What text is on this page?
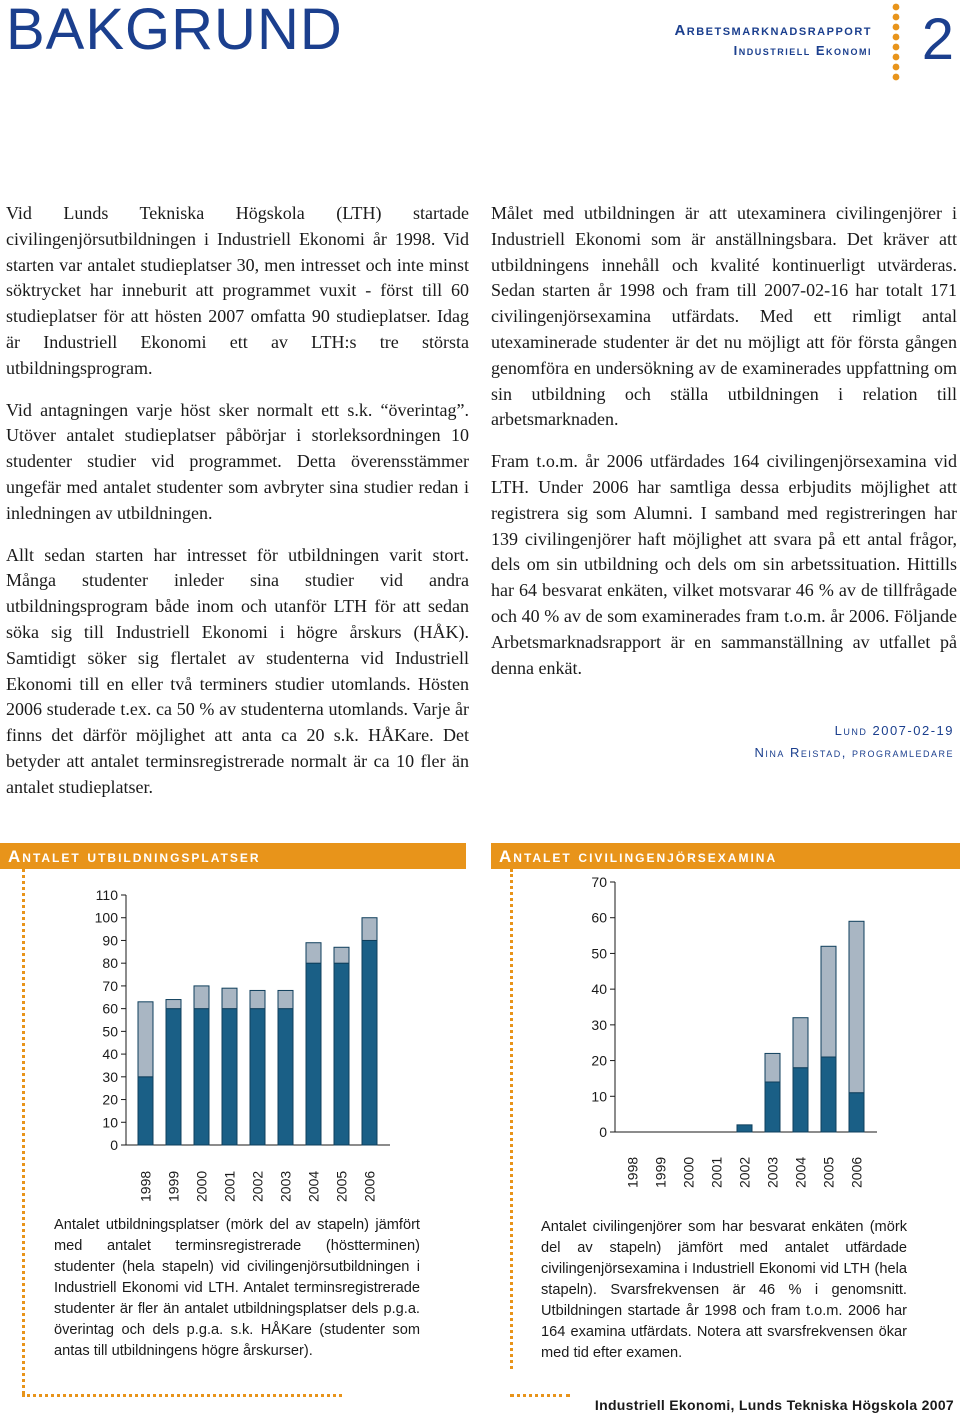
BAKGRUND	Arbetsmarknadsrapport
Industriell Ekonomi 2

Vid Lunds Tekniska Högskola (LTH) startade civilingenjörsutbildningen i Industriell Ekonomi år 1998. Vid starten var antalet studieplatser 30, men intresset och inte minst söktrycket har inneburit att programmet vuxit - först till 60 studieplatser för att hösten 2007 omfatta 90 studieplatser. Idag är Industriell Ekonomi ett av LTH:s tre största utbildningsprogram.

Vid antagningen varje höst sker normalt ett s.k. “överintag”. Utöver antalet studieplatser påbörjar i storleksordningen 10 studenter studier vid programmet. Detta överensstämmer ungefär med antalet studenter som avbryter sina studier redan i inledningen av utbildningen.

Allt sedan starten har intresset för utbildningen varit stort. Många studenter inleder sina studier vid andra utbildningsprogram både inom och utanför LTH för att sedan söka sig till Industriell Ekonomi i högre årskurs (HÅK). Samtidigt söker sig flertalet av studenterna vid Industriell Ekonomi till en eller två terminers studier utomlands. Hösten 2006 studerade t.ex. ca 50 % av studenterna utomlands. Varje år finns det därför möjlighet att anta ca 20 s.k. HÅKare. Det betyder att antalet terminsregistrerade normalt är ca 10 fler än antalet studieplatser.

Målet med utbildningen är att utexaminera civilingenjörer i Industriell Ekonomi som är anställningsbara. Det kräver att utbildningens innehåll och kvalité kontinuerligt utvärderas. Sedan starten år 1998 och fram till 2007-02-16 har totalt 171 civilingenjörsexamina utfärdats. Med ett rimligt antal utexaminerade studenter är det nu möjligt att för första gången genomföra en undersökning av de examinerades uppfattning om sin utbildning och ställa utbildningen i relation till arbetsmarknaden.

Fram t.o.m. år 2006 utfärdades 164 civilingenjörsexamina vid LTH. Under 2006 har samtliga dessa erbjudits möjlighet att registrera sig som Alumni. I samband med registreringen har 139 civilingenjörer haft möjlighet att svara på ett antal frågor, dels om sin utbildning och dels om sin arbetssituation. Hittills har 64 besvarat enkäten, vilket motsvarar 46 % av de tillfrågade och 40 % av de som examinerades fram t.o.m. år 2006. Följande Arbetsmarknadsrapport är en sammanställning av utfallet på denna enkät.

Lund 2007-02-19
Nina Reistad, programledare
Antalet utbildningsplatser	Antalet civilingenjörsexamina
0
10
20
30
40
50
60
70
80
90
100
110
1998 1999 2000 2001 2002 2003 2004 2005 2006
0
10
20
30
40
50
60
70
1998 1999 2000 2001 2002 2003 2004 2005 2006
Antalet utbildningsplatser (mörk del av stapeln) jämfört med antalet terminsregistrerade (höstterminen) studenter (hela stapeln) vid civilingenjörsutbildningen i Industriell Ekonomi vid LTH. Antalet terminsregistrerade studenter är fler än antalet utbildningsplatser dels p.g.a. överintag och dels p.g.a. s.k. HÅKare (studenter som antas till utbildningens högre årskurser).
Antalet civilingenjörer som har besvarat enkäten (mörk del av stapeln) jämfört med antalet utfärdade civilingenjörsexamina i Industriell Ekonomi vid LTH (hela stapeln). Svarsfrekvensen är 46 % i genomsnitt. Utbildningen startade år 1998 och fram t.o.m. 2006 har 164 examina utfärdats. Notera att svarsfrekvensen ökar med tid efter examen.
Industriell Ekonomi, Lunds Tekniska Högskola 2007
